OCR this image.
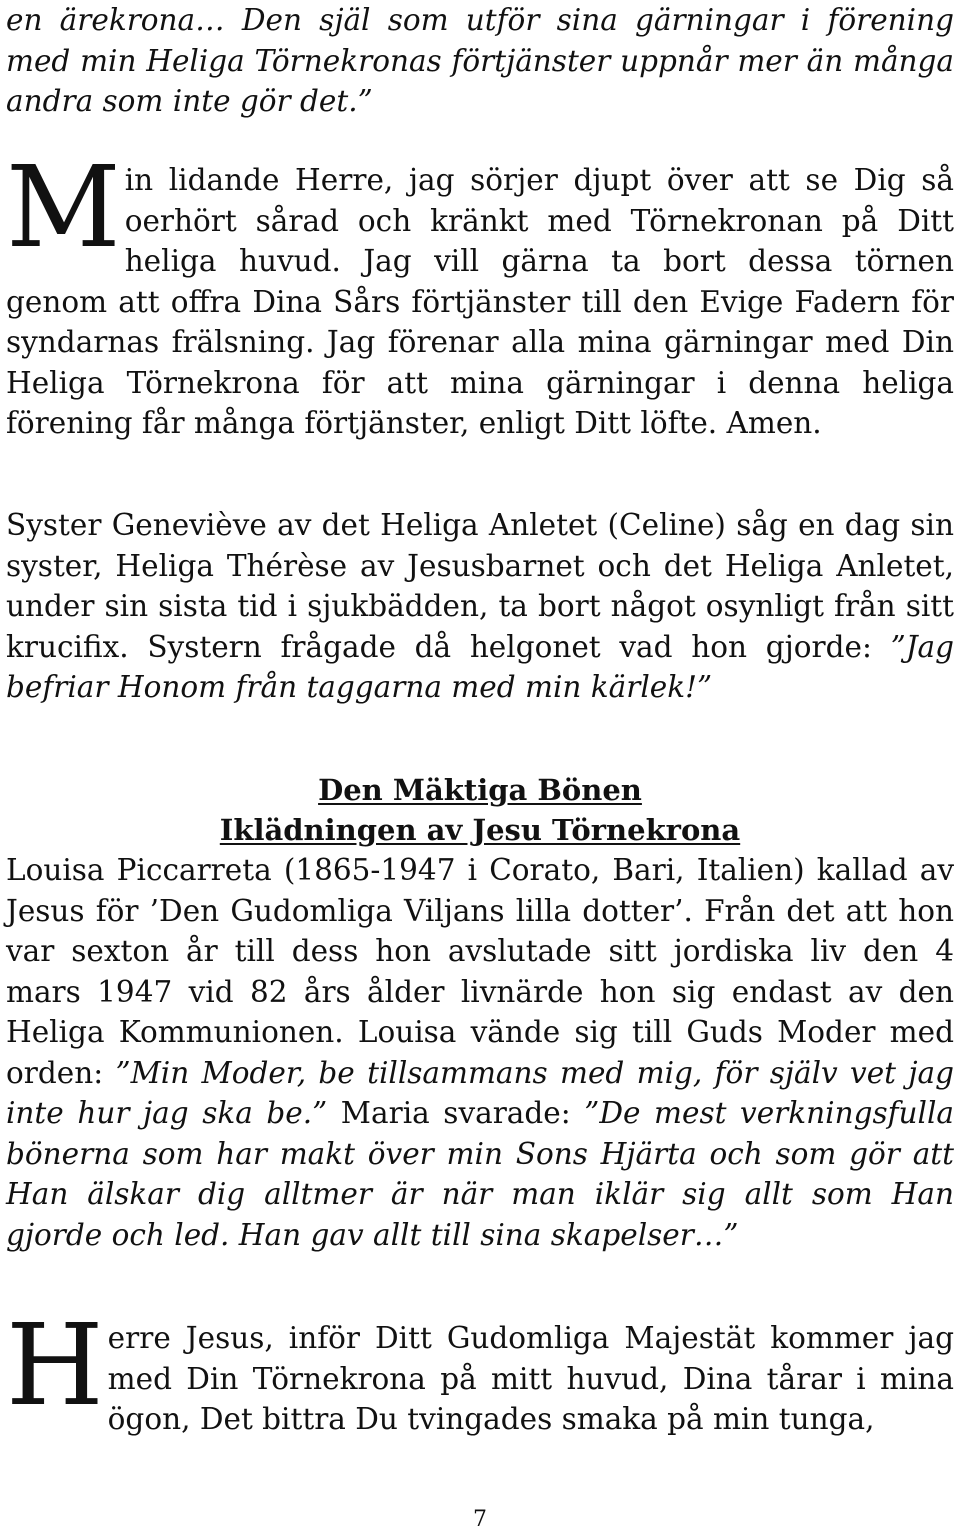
en ärekrona… Den själ som utför sina gärningar i förening med min Heliga Törnekronas förtjänster uppnår mer än många andra som inte gör det.”

M in lidande Herre, jag sörjer djupt över att se Dig så oerhört sårad och kränkt med Törnekronan på Ditt heliga huvud. Jag vill gärna ta bort dessa törnen genom att offra Dina Sårs förtjänster till den Evige Fadern för syndarnas frälsning. Jag förenar alla mina gärningar med Din Heliga Törnekrona för att mina gärningar i denna heliga förening får många förtjänster, enligt Ditt löfte. Amen.

Syster Geneviève av det Heliga Anletet (Celine) såg en dag sin syster, Heliga Thérèse av Jesusbarnet och det Heliga Anletet, under sin sista tid i sjukbädden, ta bort något osynligt från sitt krucifix. Systern frågade då helgonet vad hon gjorde: ”Jag befriar Honom från taggarna med min kärlek!”

Den Mäktiga Bönen
Iklädningen av Jesu Törnekrona

Louisa Piccarreta (1865-1947 i Corato, Bari, Italien) kallad av Jesus för ’Den Gudomliga Viljans lilla dotter’. Från det att hon var sexton år till dess hon avslutade sitt jordiska liv den 4 mars 1947 vid 82 års ålder livnärde hon sig endast av den Heliga Kommunionen. Louisa vände sig till Guds Moder med orden: ”Min Moder, be tillsammans med mig, för själv vet jag inte hur jag ska be.” Maria svarade: ”De mest verkningsfulla bönerna som har makt över min Sons Hjärta och som gör att Han älskar dig alltmer är när man iklär sig allt som Han gjorde och led. Han gav allt till sina skapelser…”

H erre Jesus, inför Ditt Gudomliga Majestät kommer jag med Din Törnekrona på mitt huvud, Dina tårar i mina ögon, Det bittra Du tvingades smaka på min tunga,

7
